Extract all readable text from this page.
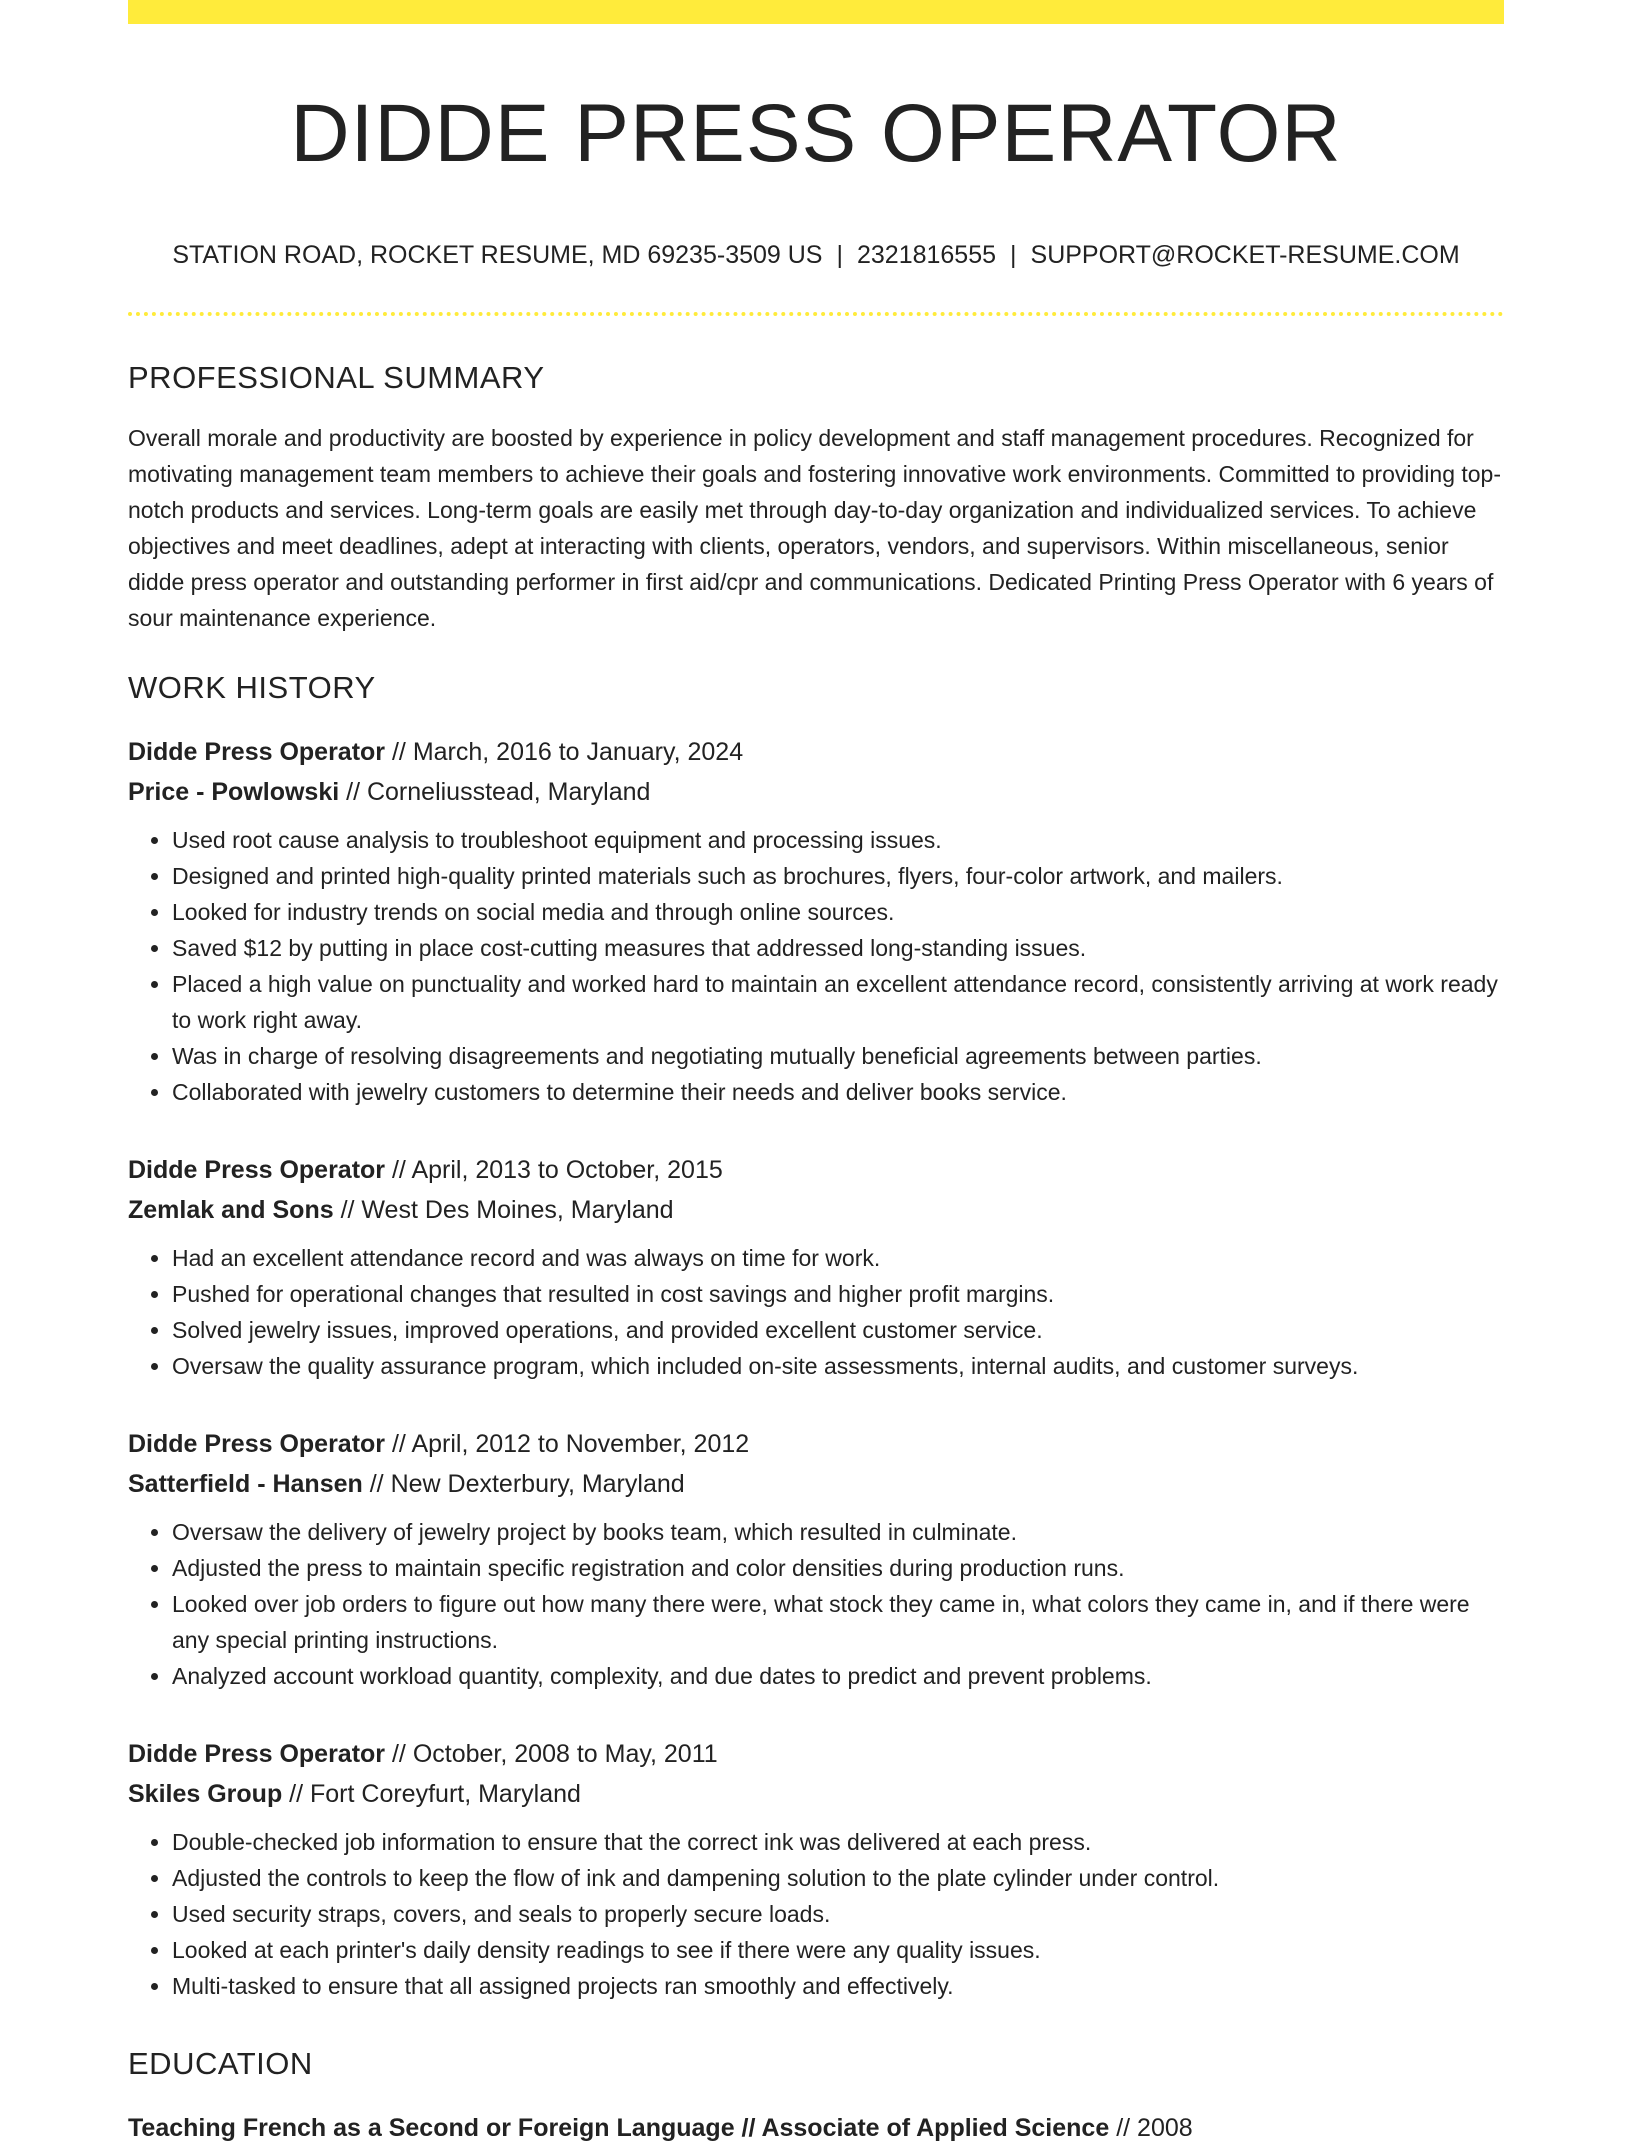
DIDDE PRESS OPERATOR
STATION ROAD, ROCKET RESUME, MD 69235-3509 US | 2321816555 | SUPPORT@ROCKET-RESUME.COM
PROFESSIONAL SUMMARY
Overall morale and productivity are boosted by experience in policy development and staff management procedures. Recognized for motivating management team members to achieve their goals and fostering innovative work environments. Committed to providing top-notch products and services. Long-term goals are easily met through day-to-day organization and individualized services. To achieve objectives and meet deadlines, adept at interacting with clients, operators, vendors, and supervisors. Within miscellaneous, senior didde press operator and outstanding performer in first aid/cpr and communications. Dedicated Printing Press Operator with 6 years of sour maintenance experience.
WORK HISTORY
Didde Press Operator // March, 2016 to January, 2024
Price - Powlowski // Corneliusstead, Maryland
• Used root cause analysis to troubleshoot equipment and processing issues.
• Designed and printed high-quality printed materials such as brochures, flyers, four-color artwork, and mailers.
• Looked for industry trends on social media and through online sources.
• Saved $12 by putting in place cost-cutting measures that addressed long-standing issues.
• Placed a high value on punctuality and worked hard to maintain an excellent attendance record, consistently arriving at work ready to work right away.
• Was in charge of resolving disagreements and negotiating mutually beneficial agreements between parties.
• Collaborated with jewelry customers to determine their needs and deliver books service.
Didde Press Operator // April, 2013 to October, 2015
Zemlak and Sons // West Des Moines, Maryland
• Had an excellent attendance record and was always on time for work.
• Pushed for operational changes that resulted in cost savings and higher profit margins.
• Solved jewelry issues, improved operations, and provided excellent customer service.
• Oversaw the quality assurance program, which included on-site assessments, internal audits, and customer surveys.
Didde Press Operator // April, 2012 to November, 2012
Satterfield - Hansen // New Dexterbury, Maryland
• Oversaw the delivery of jewelry project by books team, which resulted in culminate.
• Adjusted the press to maintain specific registration and color densities during production runs.
• Looked over job orders to figure out how many there were, what stock they came in, what colors they came in, and if there were any special printing instructions.
• Analyzed account workload quantity, complexity, and due dates to predict and prevent problems.
Didde Press Operator // October, 2008 to May, 2011
Skiles Group // Fort Coreyfurt, Maryland
• Double-checked job information to ensure that the correct ink was delivered at each press.
• Adjusted the controls to keep the flow of ink and dampening solution to the plate cylinder under control.
• Used security straps, covers, and seals to properly secure loads.
• Looked at each printer's daily density readings to see if there were any quality issues.
• Multi-tasked to ensure that all assigned projects ran smoothly and effectively.
EDUCATION
Teaching French as a Second or Foreign Language // Associate of Applied Science // 2008
